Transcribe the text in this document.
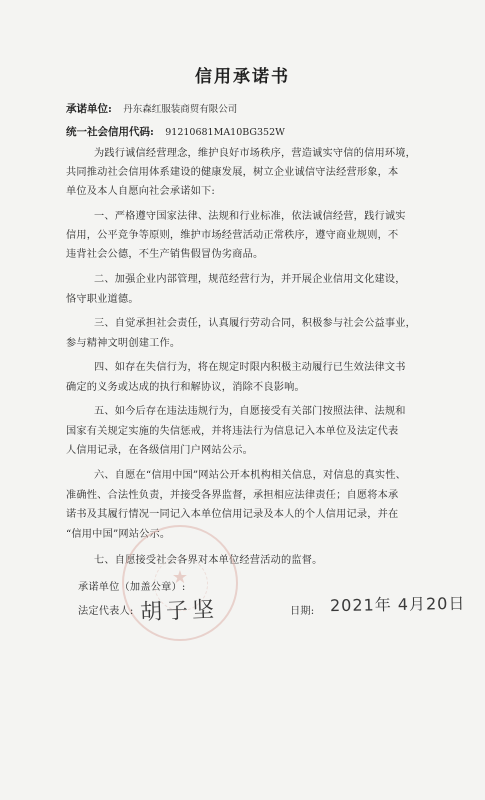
信用承诺书
承诺单位: 丹东森红服装商贸有限公司
统一社会信用代码: 91210681MA10BG352W
为践行诚信经营理念，维护良好市场秩序，营造诚实守信的信用环境，
共同推动社会信用体系建设的健康发展，树立企业诚信守法经营形象，本
单位及本人自愿向社会承诺如下:
一、严格遵守国家法律、法规和行业标准，依法诚信经营，践行诚实
信用，公平竞争等原则，维护市场经营活动正常秩序，遵守商业规则，不
违背社会公德，不生产销售假冒伪劣商品。
二、加强企业内部管理，规范经营行为，并开展企业信用文化建设，
恪守职业道德。
三、自觉承担社会责任，认真履行劳动合同，积极参与社会公益事业，
参与精神文明创建工作。
四、如存在失信行为，将在规定时限内积极主动履行已生效法律文书
确定的义务或达成的执行和解协议，消除不良影响。
五、如今后存在违法违规行为，自愿接受有关部门按照法律、法规和
国家有关规定实施的失信惩戒，并将违法行为信息记入本单位及法定代表
人信用记录，在各级信用门户网站公示。
六、自愿在“信用中国”网站公开本机构相关信息，对信息的真实性、
准确性、合法性负责，并接受各界监督，承担相应法律责任；自愿将本承
诺书及其履行情况一同记入本单位信用记录及本人的个人信用记录，并在
“信用中国”网站公示。
七、自愿接受社会各界对本单位经营活动的监督。
★
承诺单位（加盖公章）:
法定代表人: 胡子坚	日期: 2021年 4月20日
